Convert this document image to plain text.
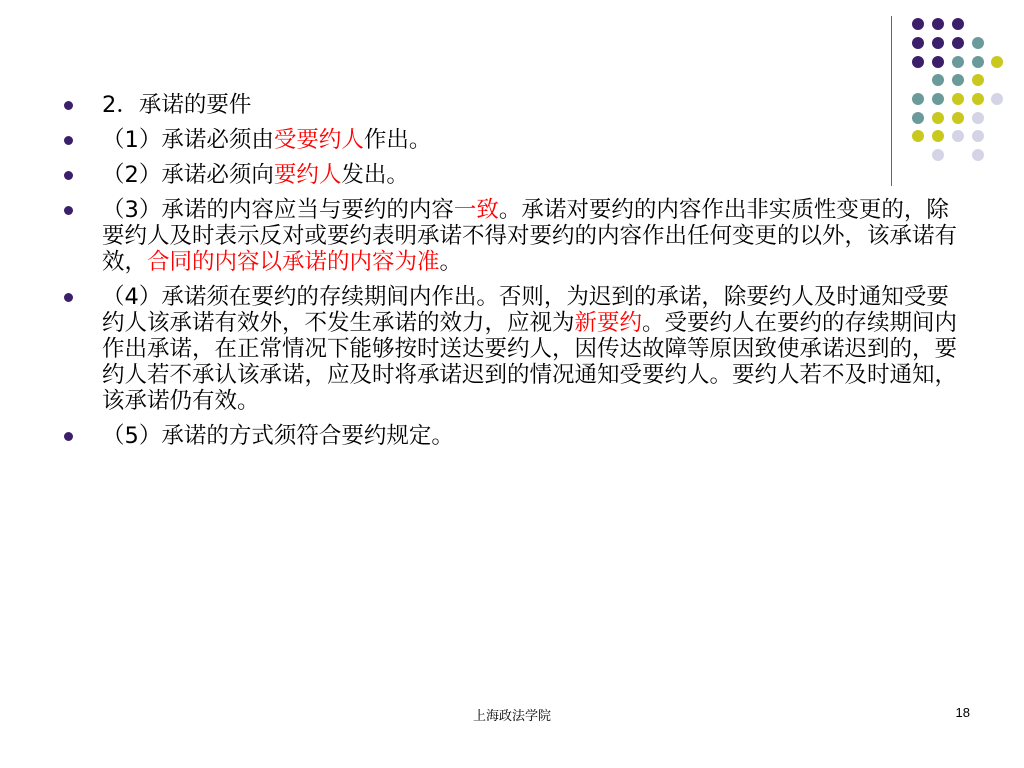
2．承诺的要件
（1）承诺必须由受要约人作出。
（2）承诺必须向要约人发出。
（3）承诺的内容应当与要约的内容一致。承诺对要约的内容作出非实质性变更的，除要约人及时表示反对或要约表明承诺不得对要约的内容作出任何变更的以外，该承诺有效，合同的内容以承诺的内容为准。
（4）承诺须在要约的存续期间内作出。否则，为迟到的承诺，除要约人及时通知受要约人该承诺有效外，不发生承诺的效力，应视为新要约。受要约人在要约的存续期间内作出承诺，在正常情况下能够按时送达要约人，因传达故障等原因致使承诺迟到的，要约人若不承认该承诺，应及时将承诺迟到的情况通知受要约人。要约人若不及时通知，该承诺仍有效。
（5）承诺的方式须符合要约规定。
上海政法学院	18
